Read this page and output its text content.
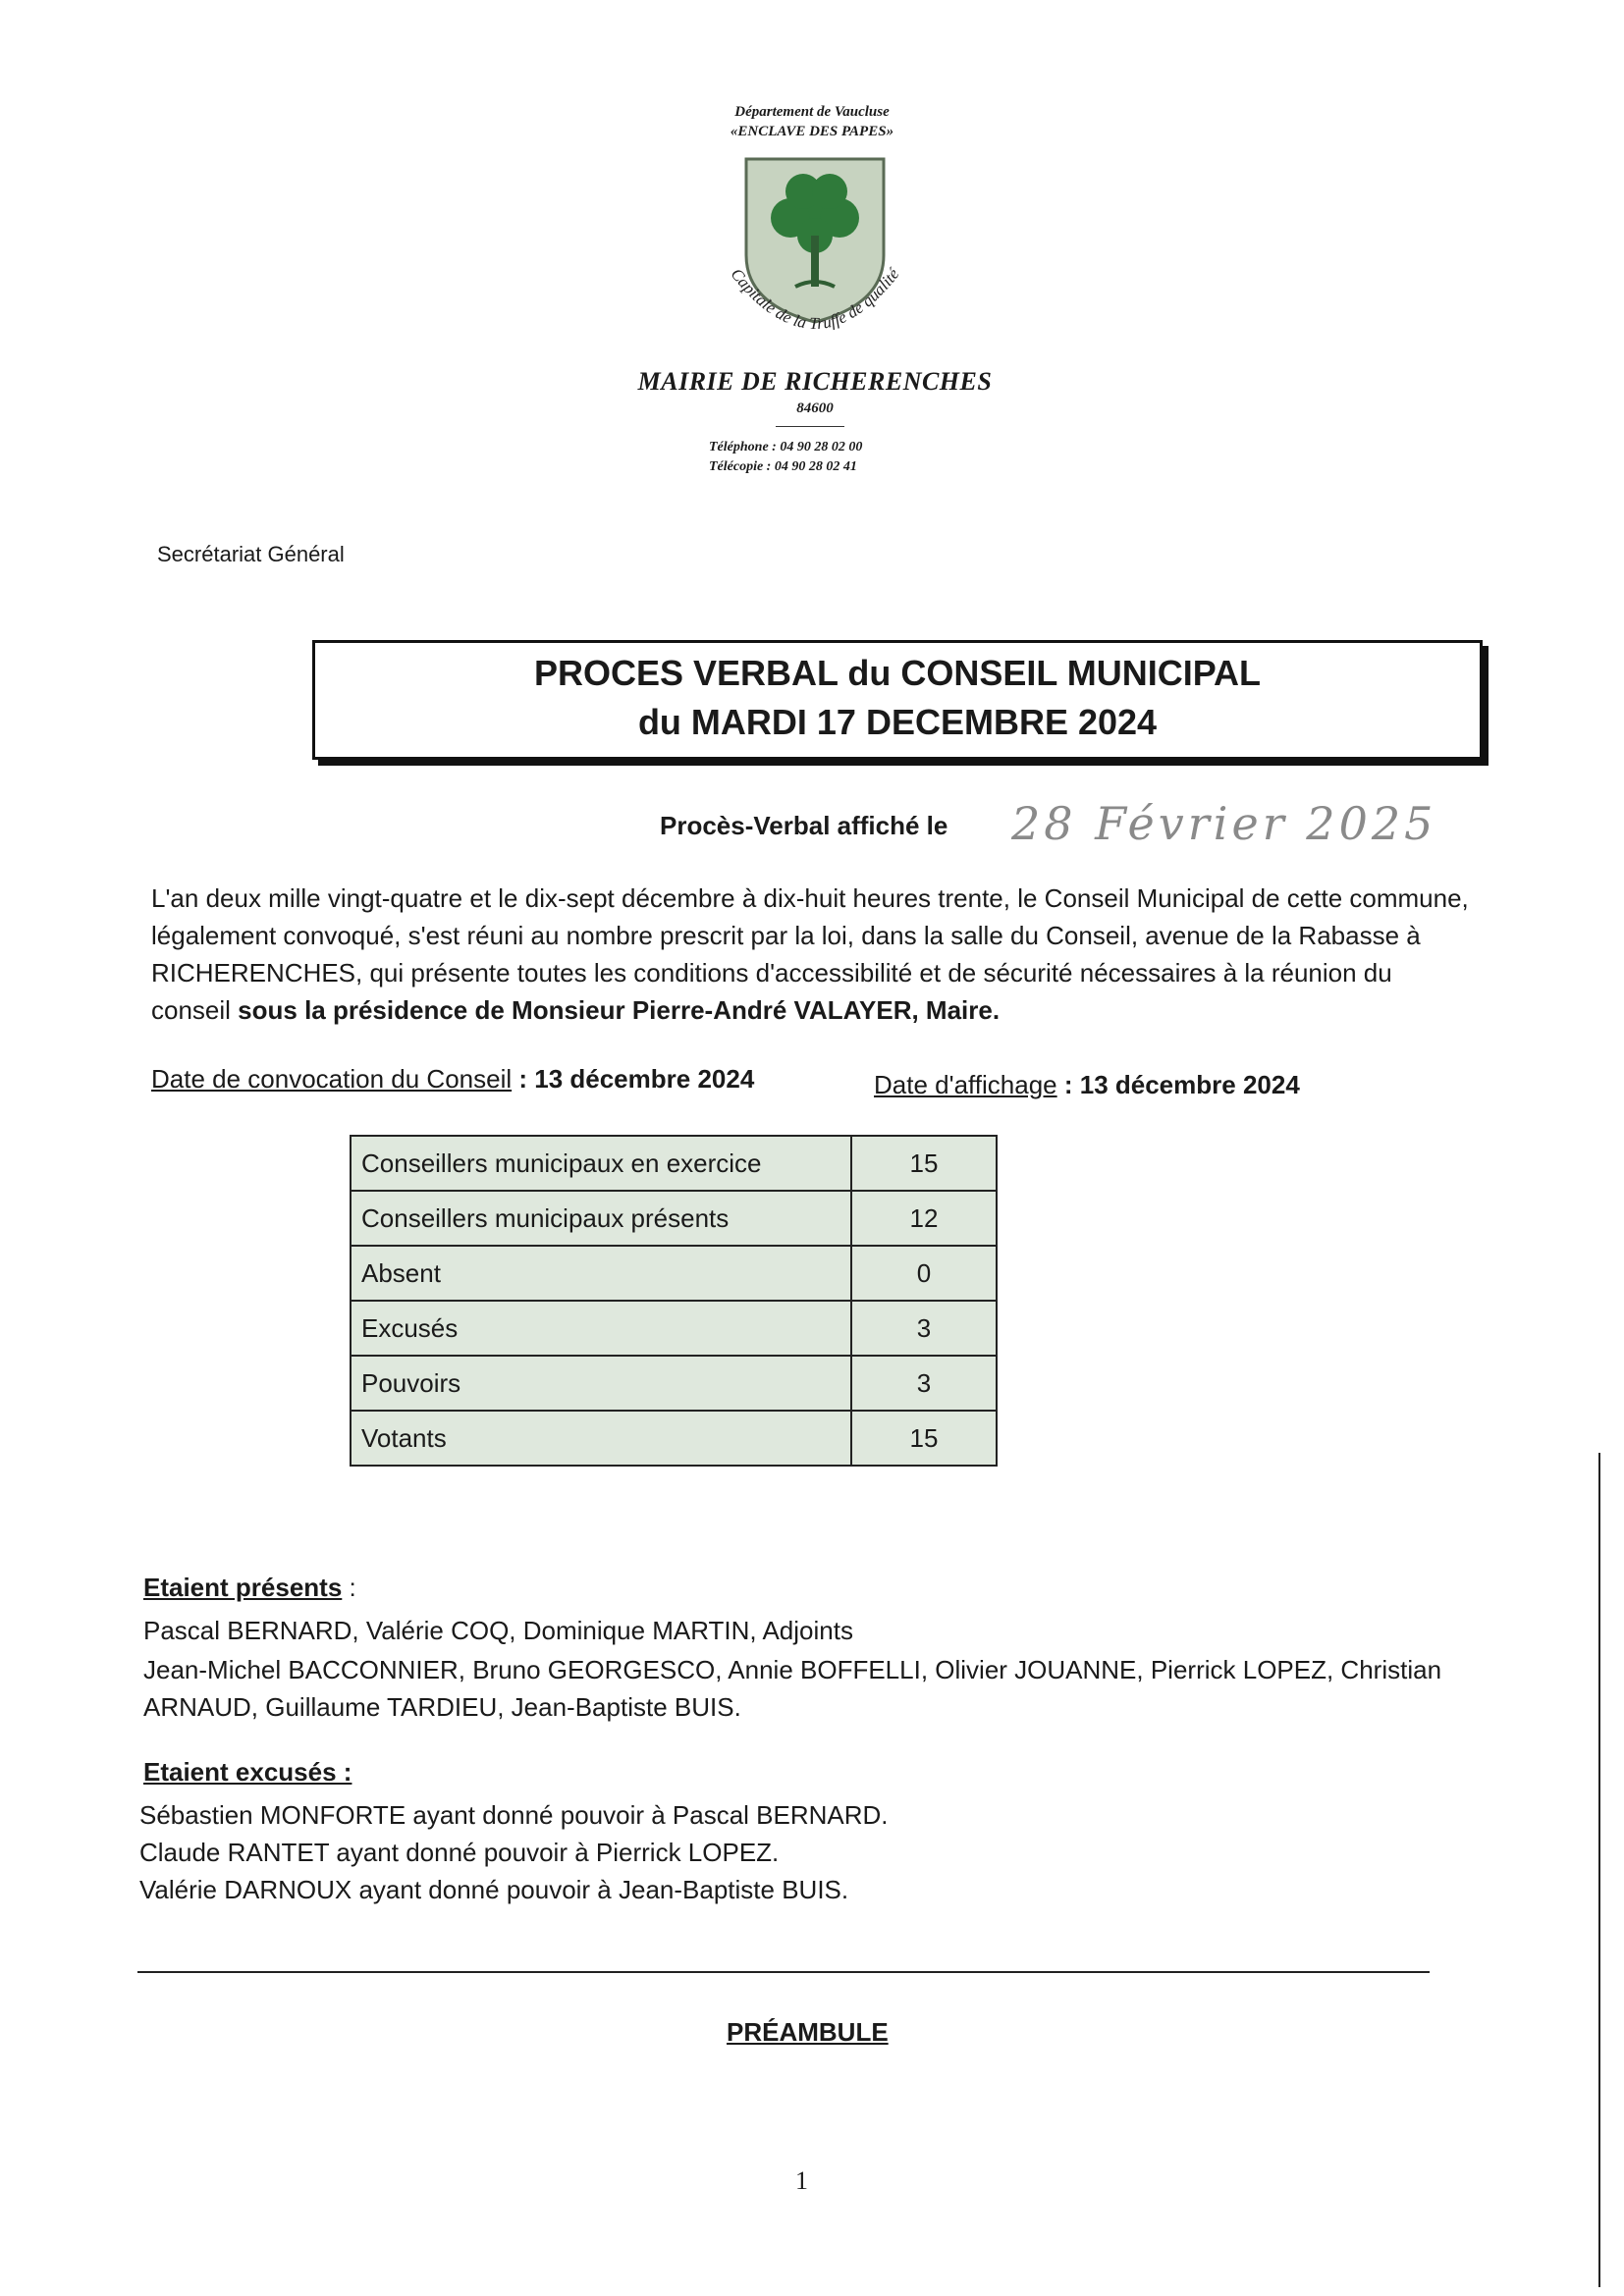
Département de Vaucluse
«ENCLAVE DES PAPES»
Capitale de la Truffe de qualité
MAIRIE DE RICHERENCHES
84600
Téléphone : 04 90 28 02 00
Télécopie : 04 90 28 02 41
Secrétariat Général
PROCES VERBAL du CONSEIL MUNICIPAL
du MARDI 17 DECEMBRE 2024
Procès-Verbal affiché le 28 Février 2025
L'an deux mille vingt-quatre et le dix-sept décembre à dix-huit heures trente, le Conseil Municipal de cette commune, légalement convoqué, s'est réuni au nombre prescrit par la loi, dans la salle du Conseil, avenue de la Rabasse à RICHERENCHES, qui présente toutes les conditions d'accessibilité et de sécurité nécessaires à la réunion du conseil sous la présidence de Monsieur Pierre-André VALAYER, Maire.
Date de convocation du Conseil : 13 décembre 2024	Date d'affichage : 13 décembre 2024
Conseillers municipaux en exercice	15
Conseillers municipaux présents	12
Absent	0
Excusés	3
Pouvoirs	3
Votants	15
Etaient présents :
Pascal BERNARD, Valérie COQ, Dominique MARTIN, Adjoints
Jean-Michel BACCONNIER, Bruno GEORGESCO, Annie BOFFELLI, Olivier JOUANNE, Pierrick LOPEZ, Christian
ARNAUD, Guillaume TARDIEU, Jean-Baptiste BUIS.
Etaient excusés :
Sébastien MONFORTE ayant donné pouvoir à Pascal BERNARD.
Claude RANTET ayant donné pouvoir à Pierrick LOPEZ.
Valérie DARNOUX ayant donné pouvoir à Jean-Baptiste BUIS.
PRÉAMBULE
1
